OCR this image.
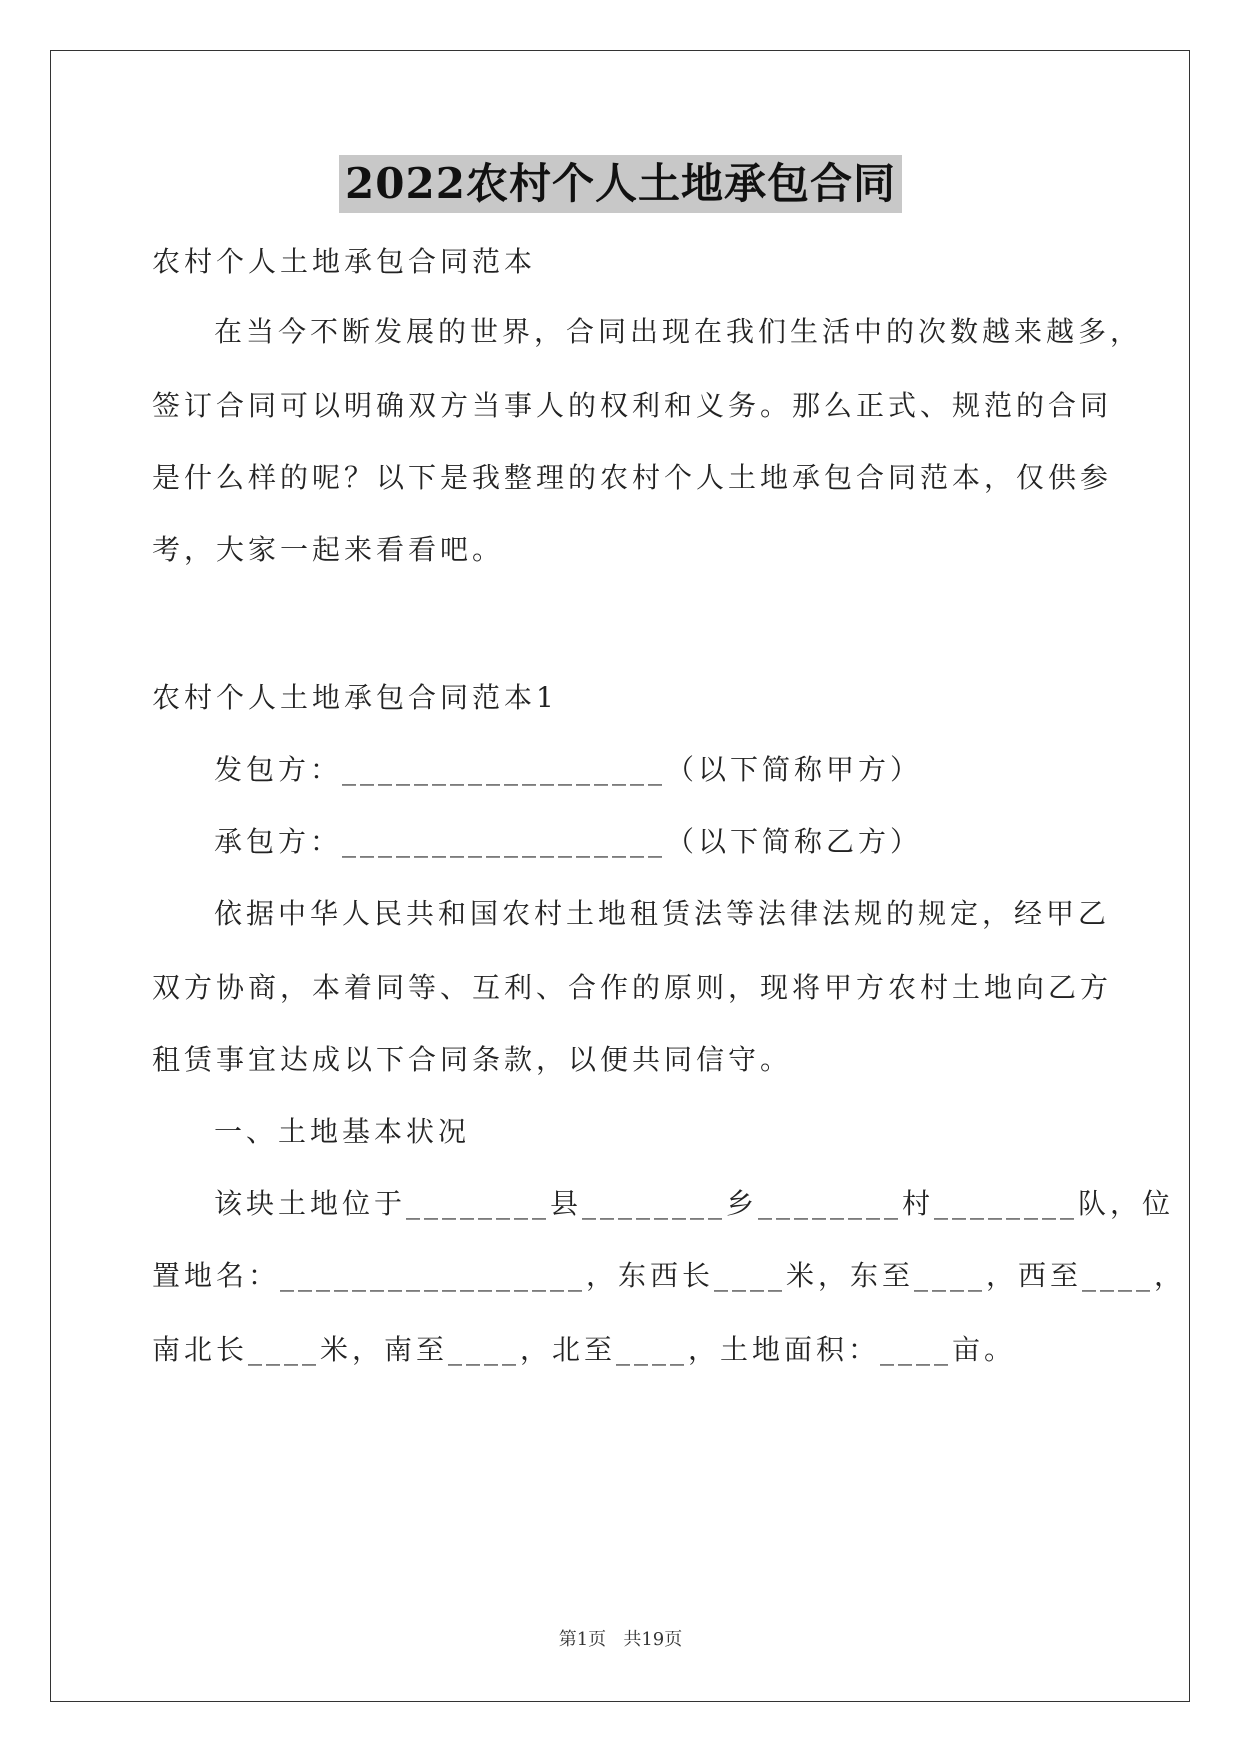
2022农村个人土地承包合同
农村个人土地承包合同范本
在当今不断发展的世界，合同出现在我们生活中的次数越来越多，
签订合同可以明确双方当事人的权利和义务。那么正式、规范的合同
是什么样的呢？以下是我整理的农村个人土地承包合同范本，仅供参
考，大家一起来看看吧。
农村个人土地承包合同范本1
发包方：__________________（以下简称甲方）
承包方：__________________（以下简称乙方）
依据中华人民共和国农村土地租赁法等法律法规的规定，经甲乙
双方协商，本着同等、互利、合作的原则，现将甲方农村土地向乙方
租赁事宜达成以下合同条款，以便共同信守。
一、土地基本状况
该块土地位于________县________乡________村________队，位
置地名：_________________，东西长____米，东至____，西至____，
南北长____米，南至____，北至____，土地面积：____亩。
第1页   共19页
